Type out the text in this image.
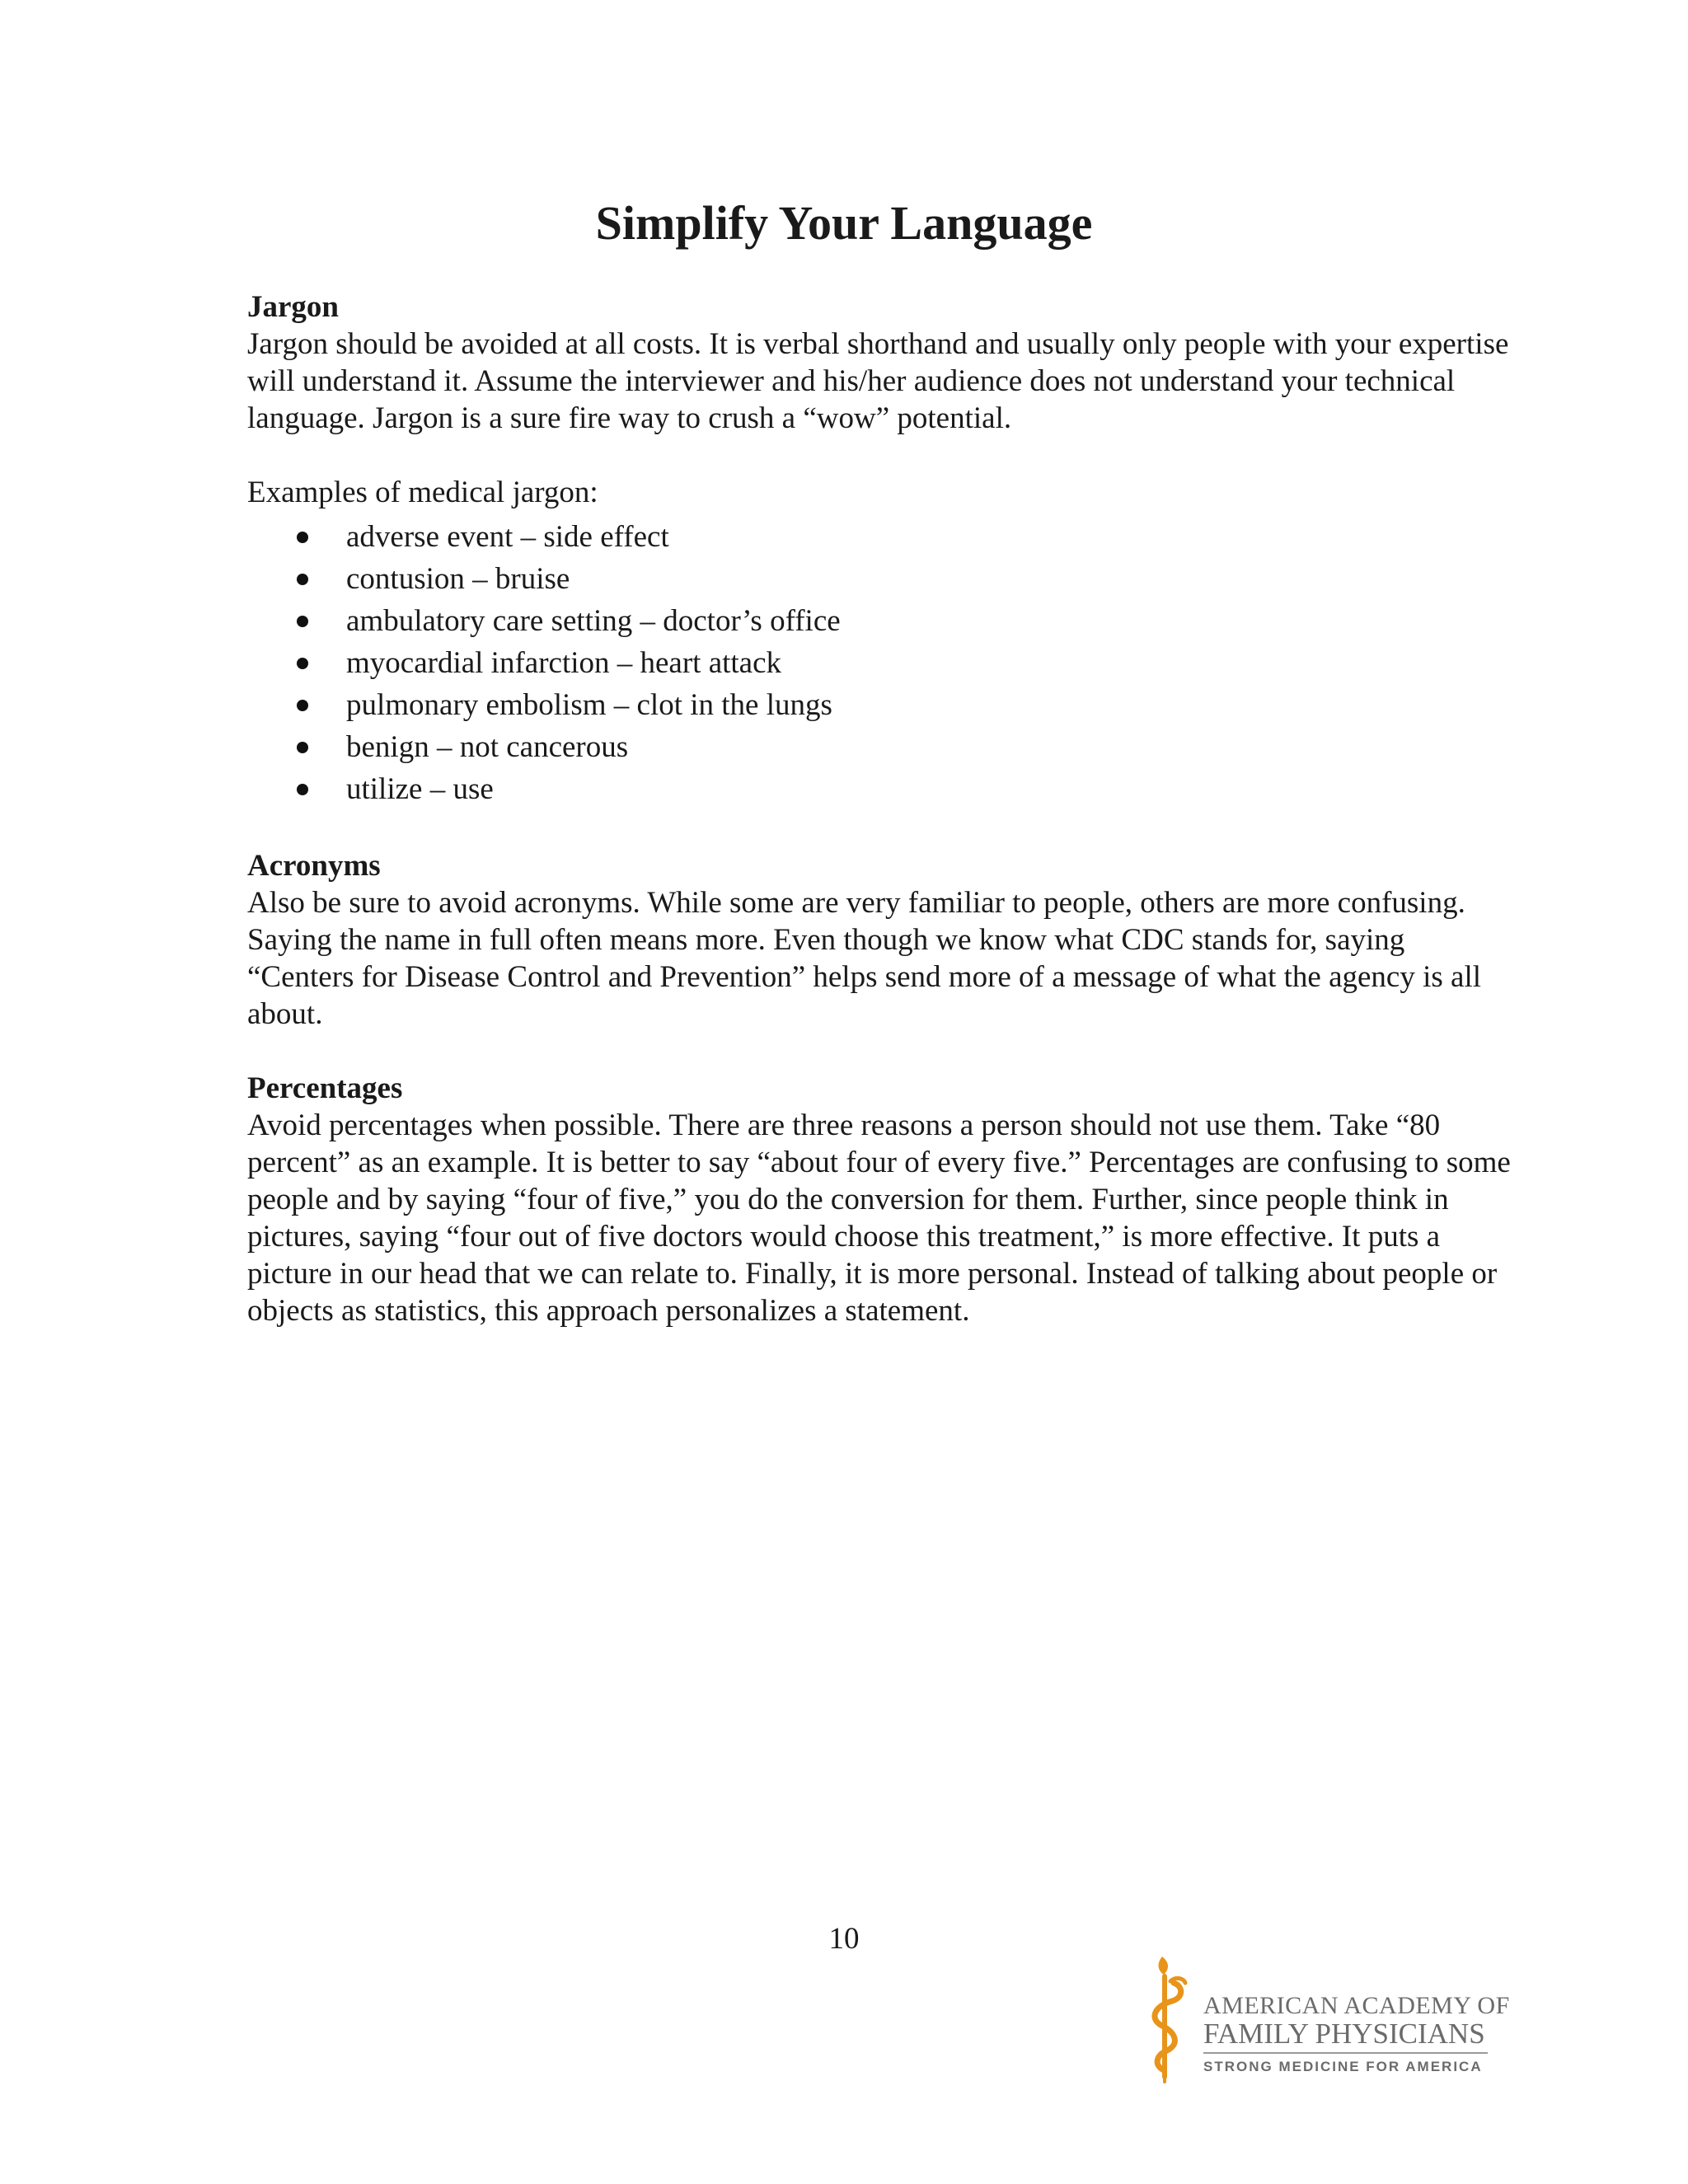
Simplify Your Language

Jargon

Jargon should be avoided at all costs. It is verbal shorthand and usually only people with your expertise will understand it. Assume the interviewer and his/her audience does not understand your technical language. Jargon is a sure fire way to crush a “wow” potential.

Examples of medical jargon:

adverse event – side effect
contusion – bruise
ambulatory care setting – doctor’s office
myocardial infarction – heart attack
pulmonary embolism – clot in the lungs
benign – not cancerous
utilize – use

Acronyms

Also be sure to avoid acronyms. While some are very familiar to people, others are more confusing. Saying the name in full often means more. Even though we know what CDC stands for, saying “Centers for Disease Control and Prevention” helps send more of a message of what the agency is all about.

Percentages

Avoid percentages when possible. There are three reasons a person should not use them. Take “80 percent” as an example. It is better to say “about four of every five.” Percentages are confusing to some people and by saying “four of five,” you do the conversion for them. Further, since people think in pictures, saying “four out of five doctors would choose this treatment,” is more effective. It puts a picture in our head that we can relate to. Finally, it is more personal. Instead of talking about people or objects as statistics, this approach personalizes a statement.

10
AMERICAN ACADEMY OF
FAMILY PHYSICIANS
STRONG MEDICINE FOR AMERICA
